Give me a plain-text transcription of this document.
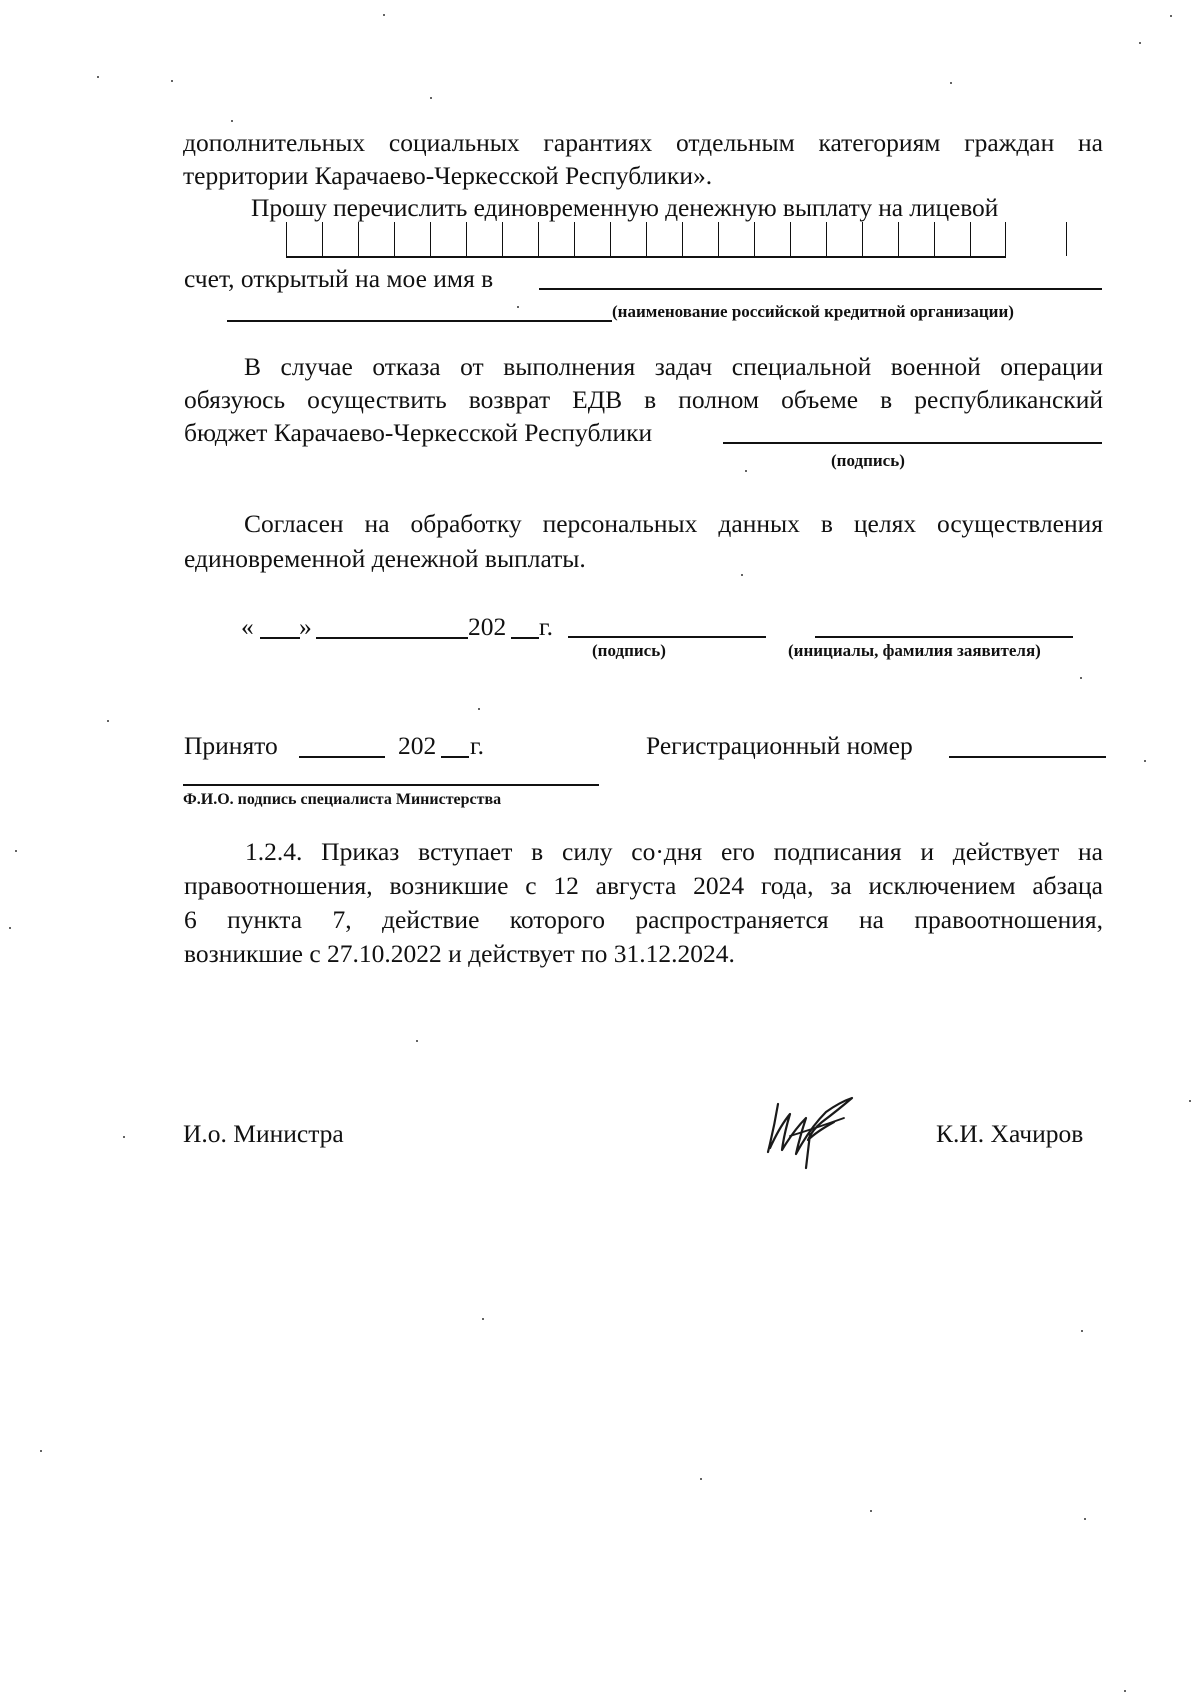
дополнительных социальных гарантиях отдельным категориям граждан на
территории Карачаево-Черкесской Республики».
Прошу перечислить единовременную денежную выплату на лицевой
счет, открытый на мое имя в
(наименование российской кредитной организации)
В случае отказа от выполнения задач специальной военной операции
обязуюсь осуществить возврат ЕДВ в полном объеме в республиканский
бюджет Карачаево-Черкесской Республики
(подпись)
Согласен на обработку персональных данных в целях осуществления
единовременной денежной выплаты.
« »	202 г.
(подпись)	(инициалы, фамилия заявителя)
Принято	202 г.	Регистрационный номер
Ф.И.О. подпись специалиста Министерства
1.2.4. Приказ вступает в силу со·дня его подписания и действует на
правоотношения, возникшие с 12 августа 2024 года, за исключением абзаца
6 пункта 7, действие которого распространяется на правоотношения,
возникшие с 27.10.2022 и действует по 31.12.2024.
И.о. Министра	К.И. Хачиров
